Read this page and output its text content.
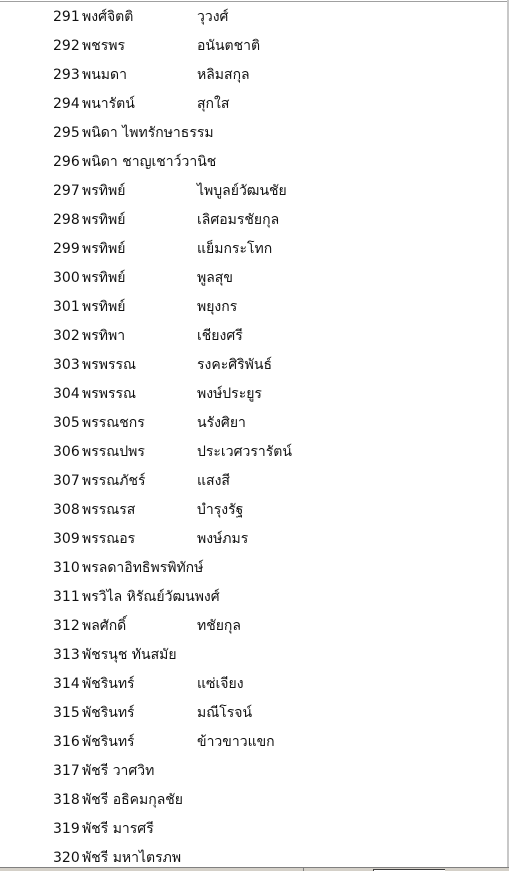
291 พงศ์จิตติ	วุวงศ์
292 พชรพร	อนันตชาติ
293 พนมดา	หลิมสกุล
294 พนารัตน์	สุกใส
295 พนิดา ไพทรักษาธรรม
296 พนิดา ชาญเชาว์วานิช
297 พรทิพย์	ไพบูลย์วัฒนชัย
298 พรทิพย์	เลิศอมรชัยกุล
299 พรทิพย์	แย็มกระโทก
300 พรทิพย์	พูลสุข
301 พรทิพย์	พยุงกร
302 พรทิพา	เชียงศรี
303 พรพรรณ	รงคะศิริพันธ์
304 พรพรรณ	พงษ์ประยูร
305 พรรณชกร	นรังศิยา
306 พรรณปพร	ประเวศวรารัตน์
307 พรรณภัชร์	แสงสี
308 พรรณรส	บำรุงรัฐ
309 พรรณอร	พงษ์ภมร
310 พรลดาอิทธิพรพิทักษ์
311 พรวิไล หิรัณย์วัฒนพงศ์
312 พลศักดิ์	ทชัยกุล
313 พัชรนุช ทันสมัย
314 พัชรินทร์	แซ่เจียง
315 พัชรินทร์	มณีโรจน์
316 พัชรินทร์	ข้าวขาวแขก
317 พัชรี วาศวิท
318 พัชรี อธิคมกุลชัย
319 พัชรี มารศรี
320 พัชรี มหาไตรภพ
